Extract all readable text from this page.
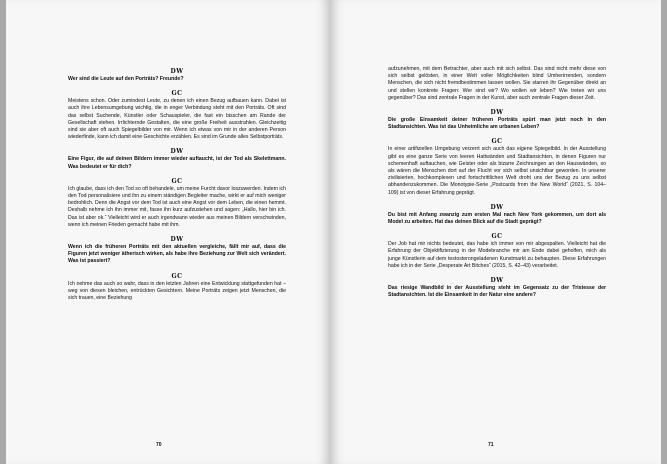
DW

Wer sind die Leute auf den Porträts? Freunde?

GC

Meistens schon. Oder zumindest Leute, zu denen ich einen Bezug aufbauen kann. Dabei ist auch ihre Lebensumgebung wichtig, die in enger Verbindung steht mit den Porträts. Oft sind das selbst Suchende, Künstler oder Schauspieler, die fast ein bisschen am Rande der Gesellschaft stehen. Irrlichternde Gestalten, die eine große Freiheit ausstrahlen. Gleichzeitig sind sie aber oft auch Spiegelbilder von mir. Wenn ich etwas von mir in der anderen Person wiederfinde, kann ich damit eine Geschichte erzählen. Es sind im Grunde alles Selbstporträts.

DW

Eine Figur, die auf deinen Bildern immer wieder auftaucht, ist der Tod als Skelettmann. Was bedeutet er für dich?

GC

Ich glaube, dass ich den Tod so oft behandele, um meine Furcht davor loszuwerden. Indem ich den Tod personalisiere und ihn zu einem ständigen Begleiter mache, wirkt er auf mich weniger bedrohlich. Denn die Angst vor dem Tod ist auch eine Angst vor dem Leben, die einen hemmt. Deshalb nehme ich ihn immer mit, fasse ihn kurz aufzustehen und sagen: „Hallo, hier bin ich. Das ist aber ok.“ Vielleicht wird er auch irgendwann wieder aus meinen Bildern verschwinden, wenn ich meinen Frieden gemacht habe mit ihm.

DW

Wenn ich die früheren Porträts mit den aktuellen vergleiche, fällt mir auf, dass die Figuren jetzt weniger ätherisch wirken, als habe ihre Beziehung zur Welt sich verändert. Was ist passiert?

GC

Ich nehme das auch so wahr, dass in den letzten Jahren eine Entwicklung stattgefunden hat – weg von diesen bleichen, entrückten Gesichtern. Meine Porträts zeigen jetzt Menschen, die sich trauen, eine Beziehung

70

aufzunehmen, mit dem Betrachter, aber auch mit sich selbst. Das sind nicht mehr diese von sich selbst gelösten, in einer Welt voller Möglichkeiten blind Umherirrenden, sondern Menschen, die sich nicht fremdbestimmen lassen wollen. Sie starren ihr Gegenüber direkt an und stellen konkrete Fragen: Wer sind wir? Wo wollen wir leben? Wie treten wir uns gegenüber? Das sind zentrale Fragen in der Kunst, aber auch zentrale Fragen dieser Zeit.

DW

Die große Einsamkeit deiner früheren Porträts spürt man jetzt noch in den Stadtansichten. Was ist das Unheimliche am urbanen Leben?

GC

In einer artifiziellen Umgebung verzerrt sich auch das eigene Spiegelbild. In der Ausstellung gibt es eine ganze Serie von leeren Hattwänden und Stadtansichten, in denen Figuren nur schemenhaft auftauchen, wie Geister oder als bizarre Zeichnungen an den Hauswänden, so als wären die Menschen dort auf der Flucht vor sich selbst unsichtbar geworden. In unserer zivilisierten, hochkomplexen und fortschrittlichen Welt droht uns der Bezug zu uns selbst abhandenzukommen. Die Monotypie-Serie „Postcards from the New World“ (2021, S. 104–109) ist von dieser Erfahrung geprägt.

DW

Du bist mit Anfang zwanzig zum ersten Mal nach New York gekommen, um dort als Model zu arbeiten. Hat das deinen Blick auf die Stadt geprägt?

GC

Der Job hat mir nichts bedeutet, das habe ich immer von mir abgespalten. Vielleicht hat die Erfahrung der Objektifizierung in der Modebranche mir am Ende dabei geholfen, mich als junge Künstlerin auf dem testosterongeladenen Kunstmarkt zu behaupten. Diese Erfahrungen habe ich in der Serie „Desperate Art Bitches“ (2015, S. 42–43) verarbeitet.

DW

Das riesige Wandbild in der Ausstellung steht im Gegensatz zu der Tristesse der Stadtansichten. Ist die Einsamkeit in der Natur eine andere?

71
